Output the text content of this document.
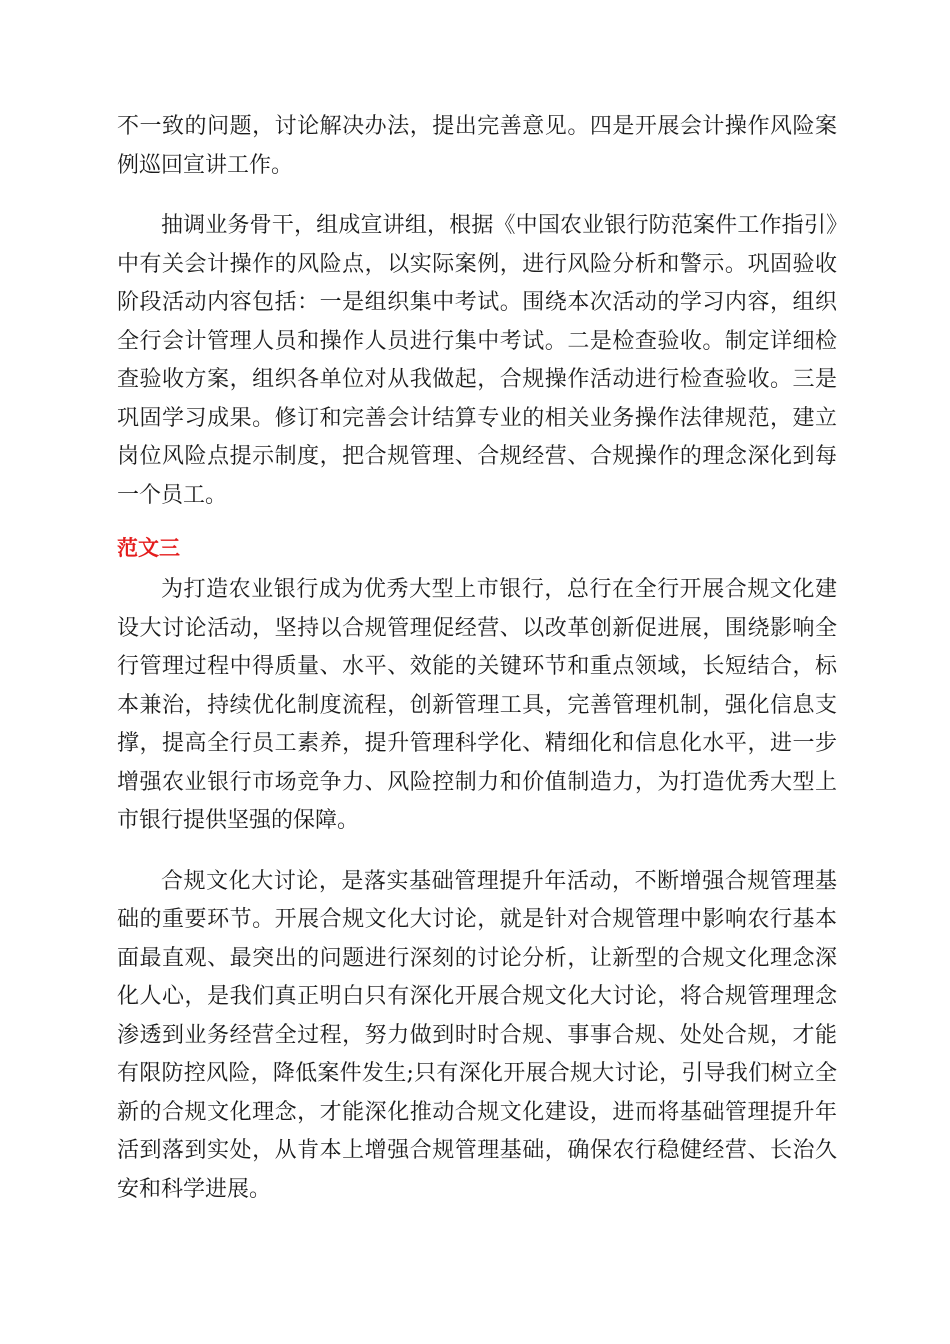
不一致的问题，讨论解决办法，提出完善意见。四是开展会计操作风险案例巡回宣讲工作。

抽调业务骨干，组成宣讲组，根据《中国农业银行防范案件工作指引》中有关会计操作的风险点，以实际案例，进行风险分析和警示。巩固验收阶段活动内容包括：一是组织集中考试。围绕本次活动的学习内容，组织全行会计管理人员和操作人员进行集中考试。二是检查验收。制定详细检查验收方案，组织各单位对从我做起，合规操作活动进行检查验收。三是巩固学习成果。修订和完善会计结算专业的相关业务操作法律规范，建立岗位风险点提示制度，把合规管理、合规经营、合规操作的理念深化到每一个员工。

范文三

为打造农业银行成为优秀大型上市银行，总行在全行开展合规文化建设大讨论活动，坚持以合规管理促经营、以改革创新促进展，围绕影响全行管理过程中得质量、水平、效能的关键环节和重点领域，长短结合，标本兼治，持续优化制度流程，创新管理工具，完善管理机制，强化信息支撑，提高全行员工素养，提升管理科学化、精细化和信息化水平，进一步增强农业银行市场竞争力、风险控制力和价值制造力，为打造优秀大型上市银行提供坚强的保障。

合规文化大讨论，是落实基础管理提升年活动，不断增强合规管理基础的重要环节。开展合规文化大讨论，就是针对合规管理中影响农行基本面最直观、最突出的问题进行深刻的讨论分析，让新型的合规文化理念深化人心，是我们真正明白只有深化开展合规文化大讨论，将合规管理理念渗透到业务经营全过程，努力做到时时合规、事事合规、处处合规，才能有限防控风险，降低案件发生;只有深化开展合规大讨论，引导我们树立全新的合规文化理念，才能深化推动合规文化建设，进而将基础管理提升年活到落到实处，从肯本上增强合规管理基础，确保农行稳健经营、长治久安和科学进展。
